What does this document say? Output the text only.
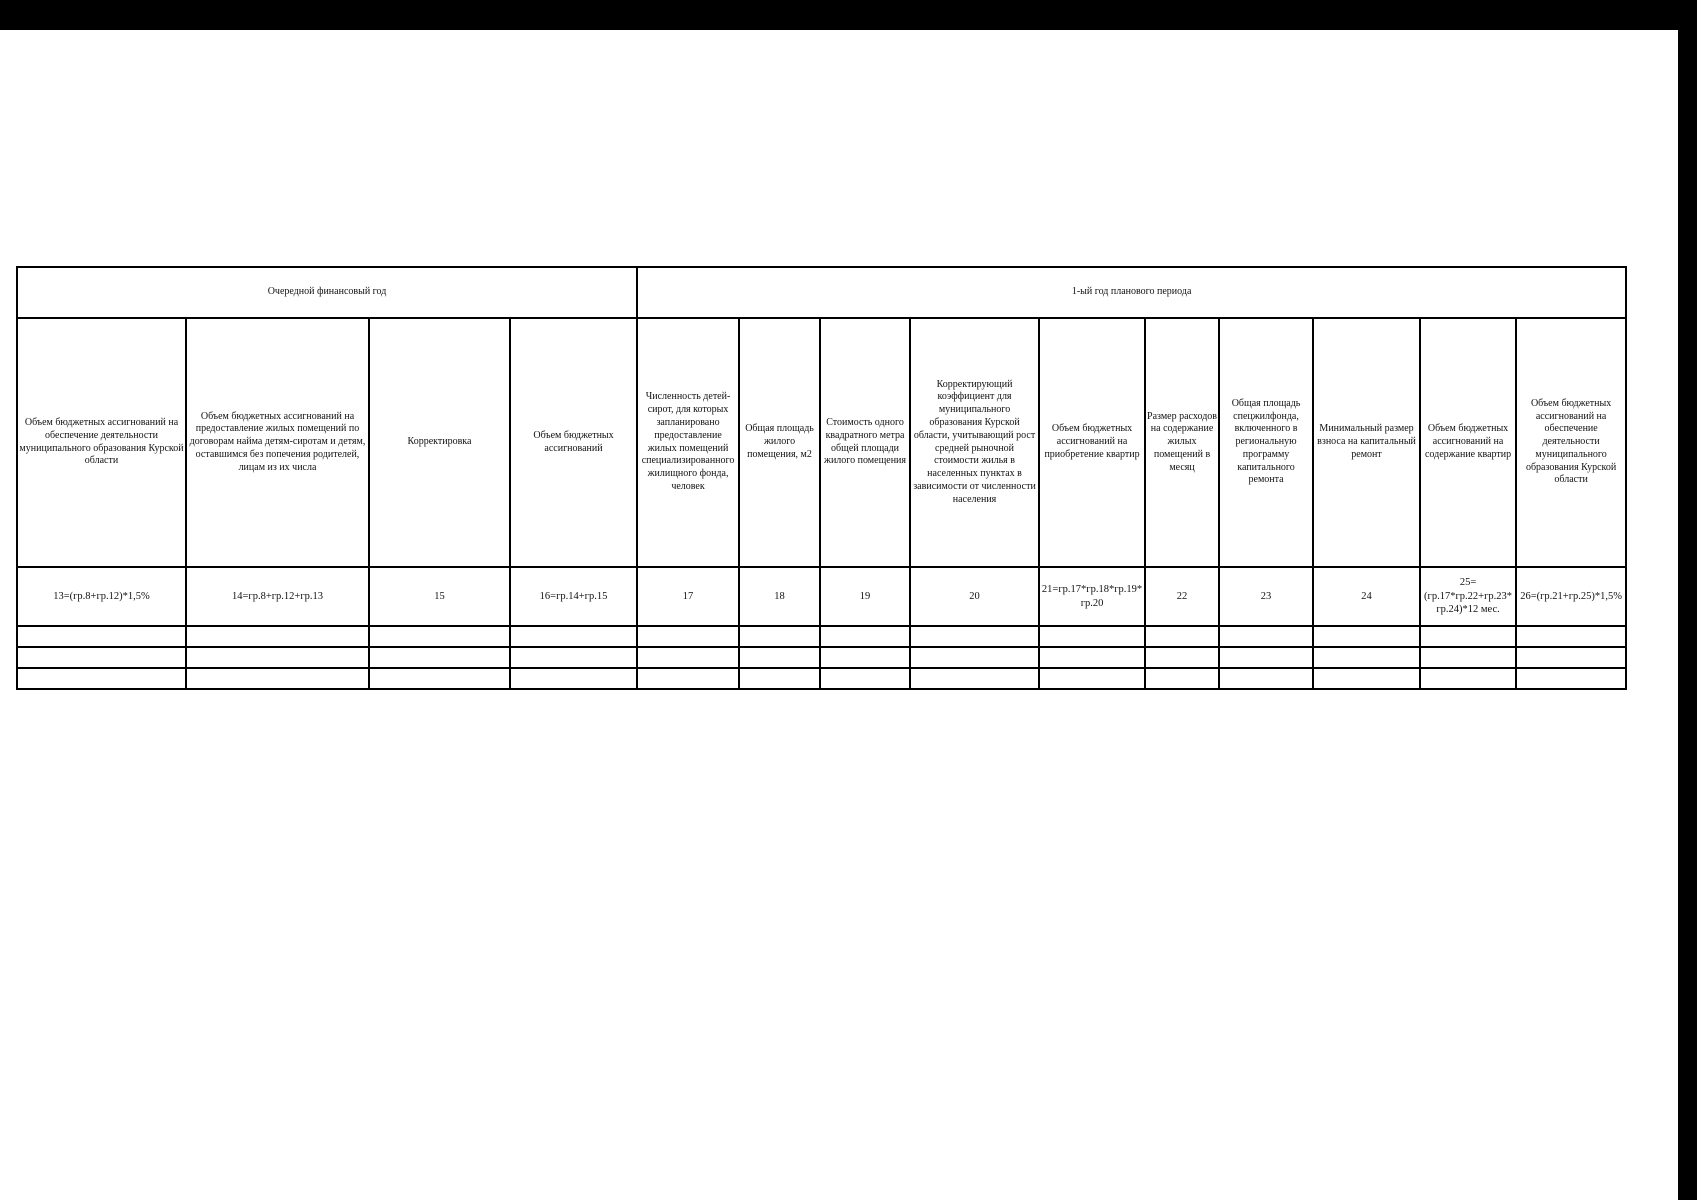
Очередной финансовый год				1-ый год планового периода									
Объем бюджетных ассигнований на обеспечение деятельности муниципального образования Курской области	Объем бюджетных ассигнований на предоставление жилых помещений по договорам найма детям-сиротам и детям, оставшимся без попечения родителей, лицам из их числа	Корректировка	Объем бюджетных ассигнований	Численность детей-сирот, для которых запланировано предоставление жилых помещений специализированного жилищного фонда, человек	Общая площадь жилого помещения, м2	Стоимость одного квадратного метра общей площади жилого помещения	Корректирующий коэффициент для муниципального образования Курской области, учитывающий рост средней рыночной стоимости жилья в населенных пунктах в зависимости от численности населения	Объем бюджетных ассигнований на приобретение квартир	Размер расходов на содержание жилых помещений в месяц	Общая площадь спецжилфонда, включенного в региональную программу капитального ремонта	Минимальный размер взноса на капитальный ремонт	Объем бюджетных ассигнований на содержание квартир	Объем бюджетных ассигнований на обеспечение деятельности муниципального образования Курской области
13=(гр.8+гр.12)*1,5%	14=гр.8+гр.12+гр.13	15	16=гр.14+гр.15	17	18	19	20	21=гр.17*гр.18*гр.19*гр.20	22	23	24	25=(гр.17*гр.22+гр.23*гр.24)*12 мес.	26=(гр.21+гр.25)*1,5%
